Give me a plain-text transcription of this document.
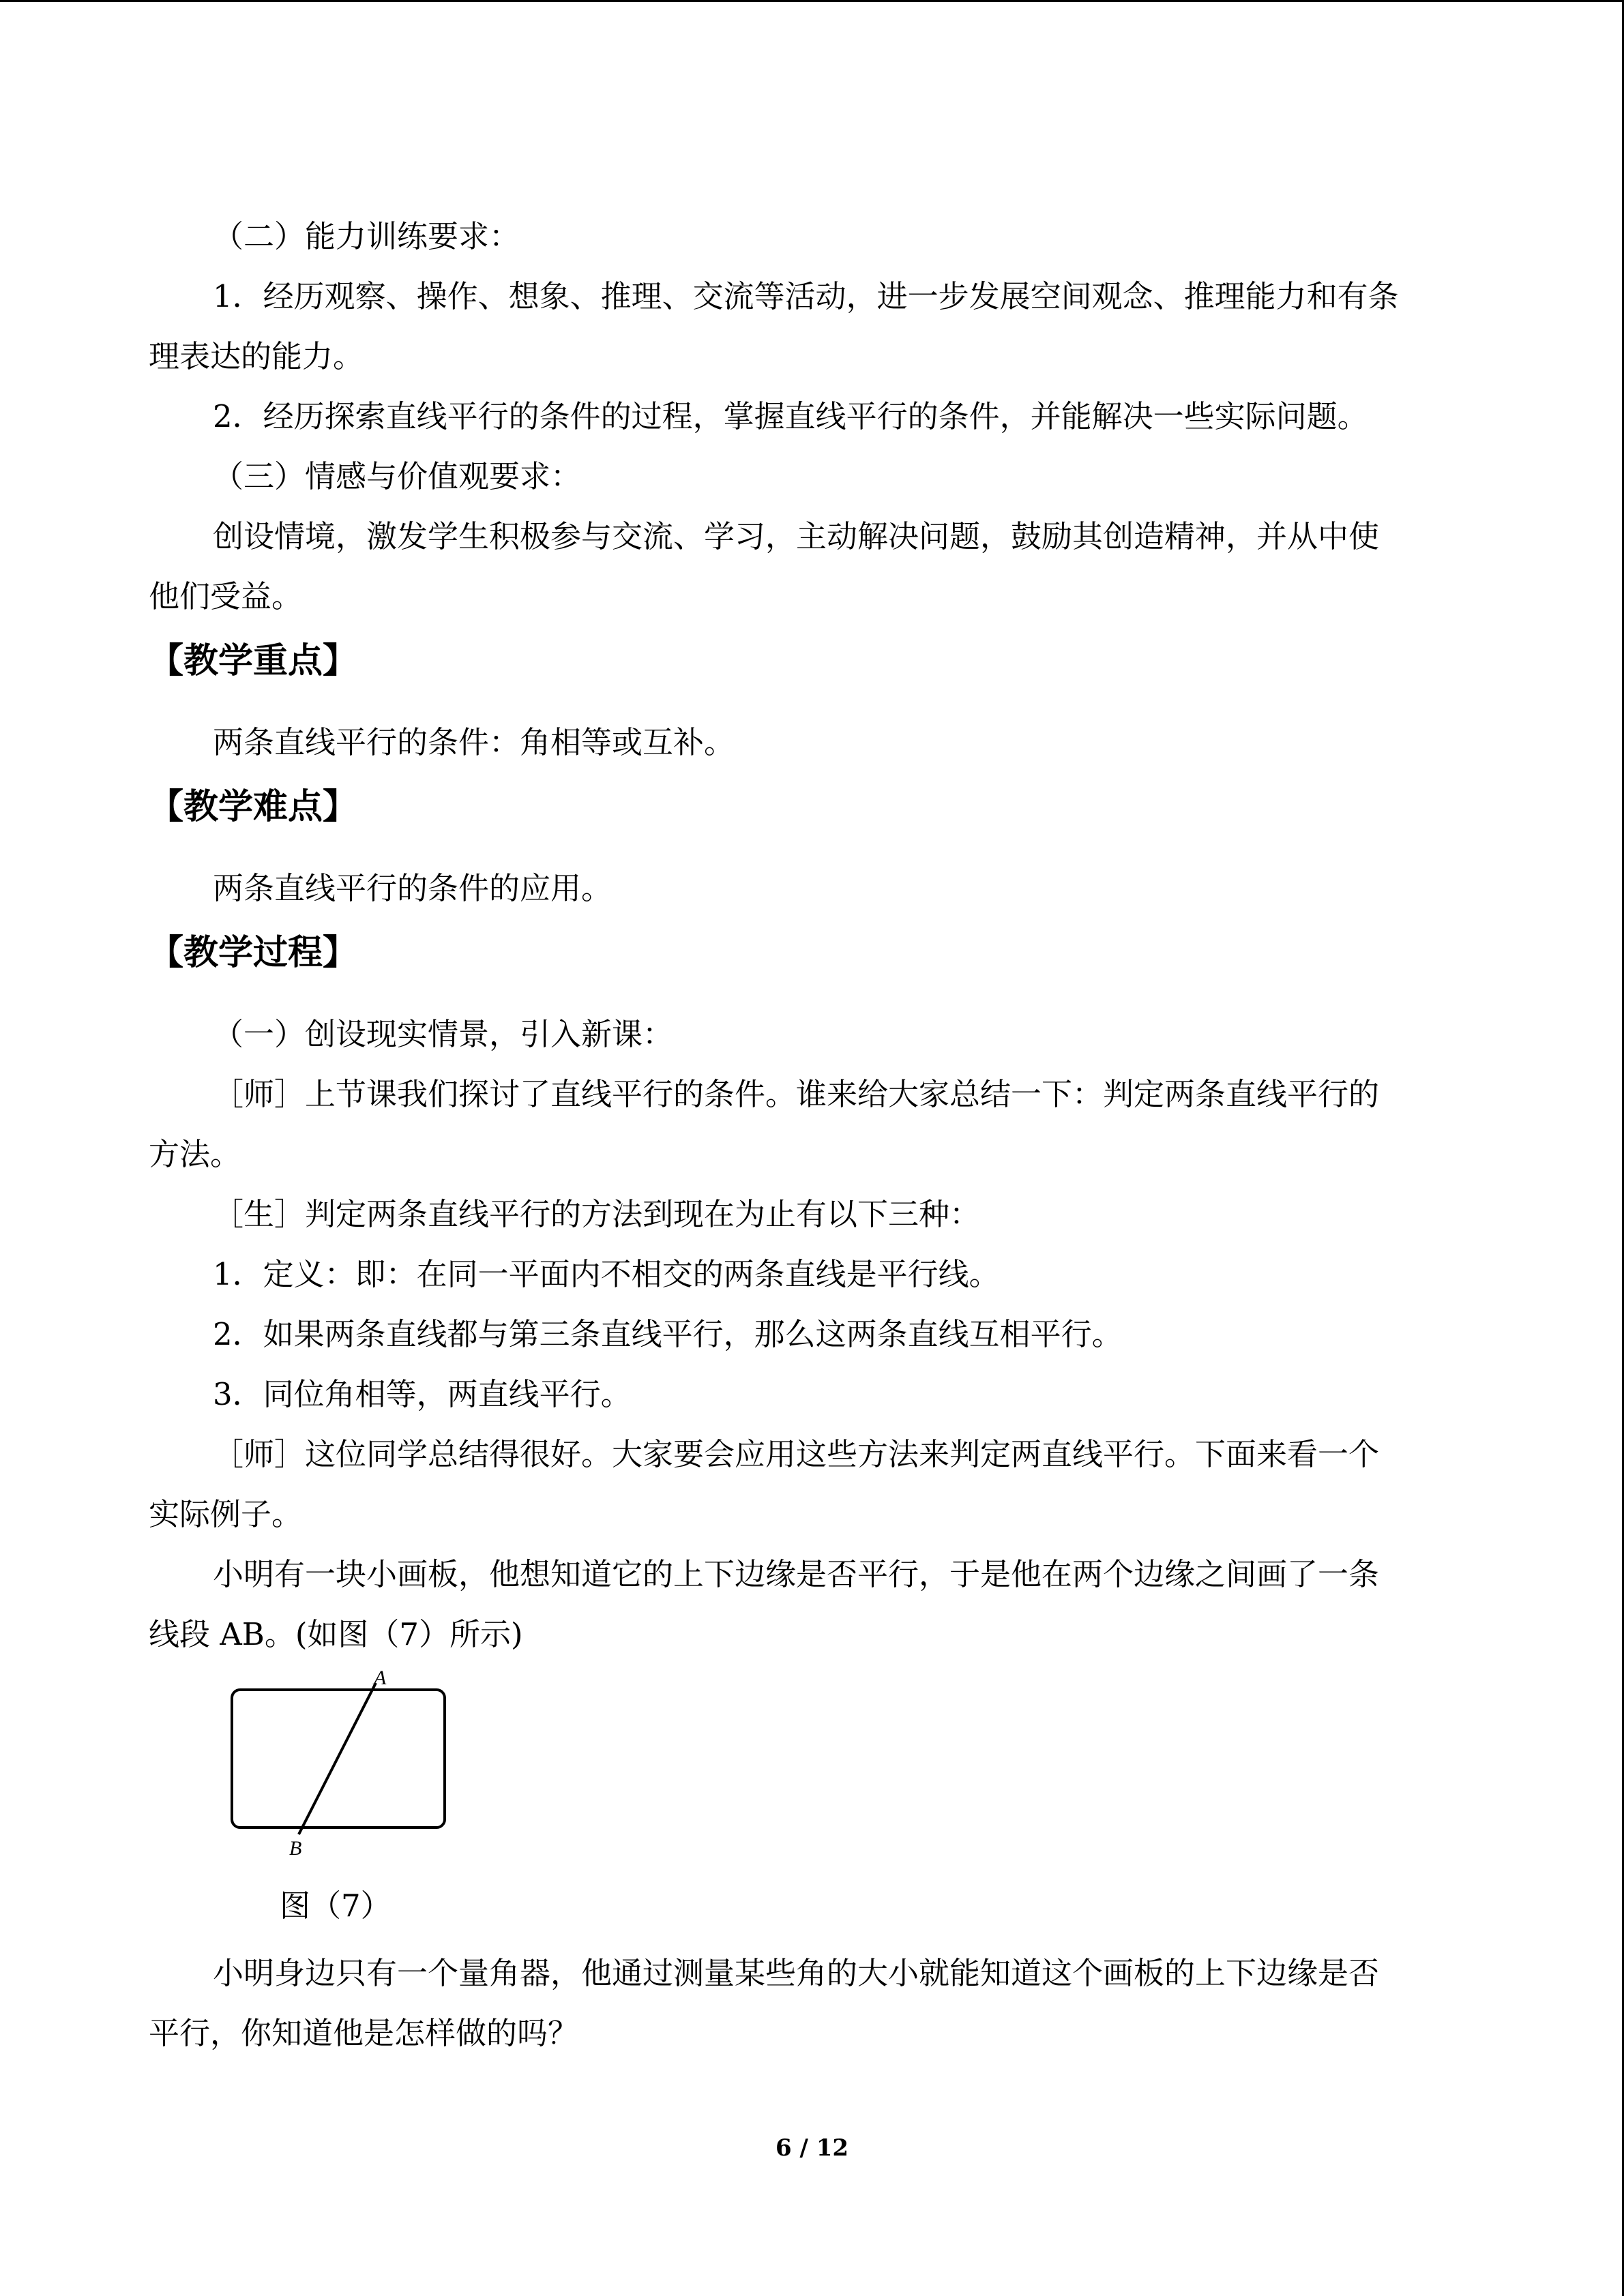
（二）能力训练要求：

1．经历观察、操作、想象、推理、交流等活动，进一步发展空间观念、推理能力和有条

理表达的能力。

2．经历探索直线平行的条件的过程，掌握直线平行的条件，并能解决一些实际问题。

（三）情感与价值观要求：

创设情境，激发学生积极参与交流、学习，主动解决问题，鼓励其创造精神，并从中使

他们受益。

【教学重点】

两条直线平行的条件：角相等或互补。

【教学难点】

两条直线平行的条件的应用。

【教学过程】

（一）创设现实情景，引入新课：

［师］上节课我们探讨了直线平行的条件。谁来给大家总结一下：判定两条直线平行的

方法。

［生］判定两条直线平行的方法到现在为止有以下三种：

1．定义：即：在同一平面内不相交的两条直线是平行线。

2．如果两条直线都与第三条直线平行，那么这两条直线互相平行。

3．同位角相等，两直线平行。

［师］这位同学总结得很好。大家要会应用这些方法来判定两直线平行。下面来看一个

实际例子。

小明有一块小画板，他想知道它的上下边缘是否平行，于是他在两个边缘之间画了一条

线段 AB。(如图（7）所示)

A
B
图（7）

小明身边只有一个量角器，他通过测量某些角的大小就能知道这个画板的上下边缘是否

平行，你知道他是怎样做的吗？

6 / 12
